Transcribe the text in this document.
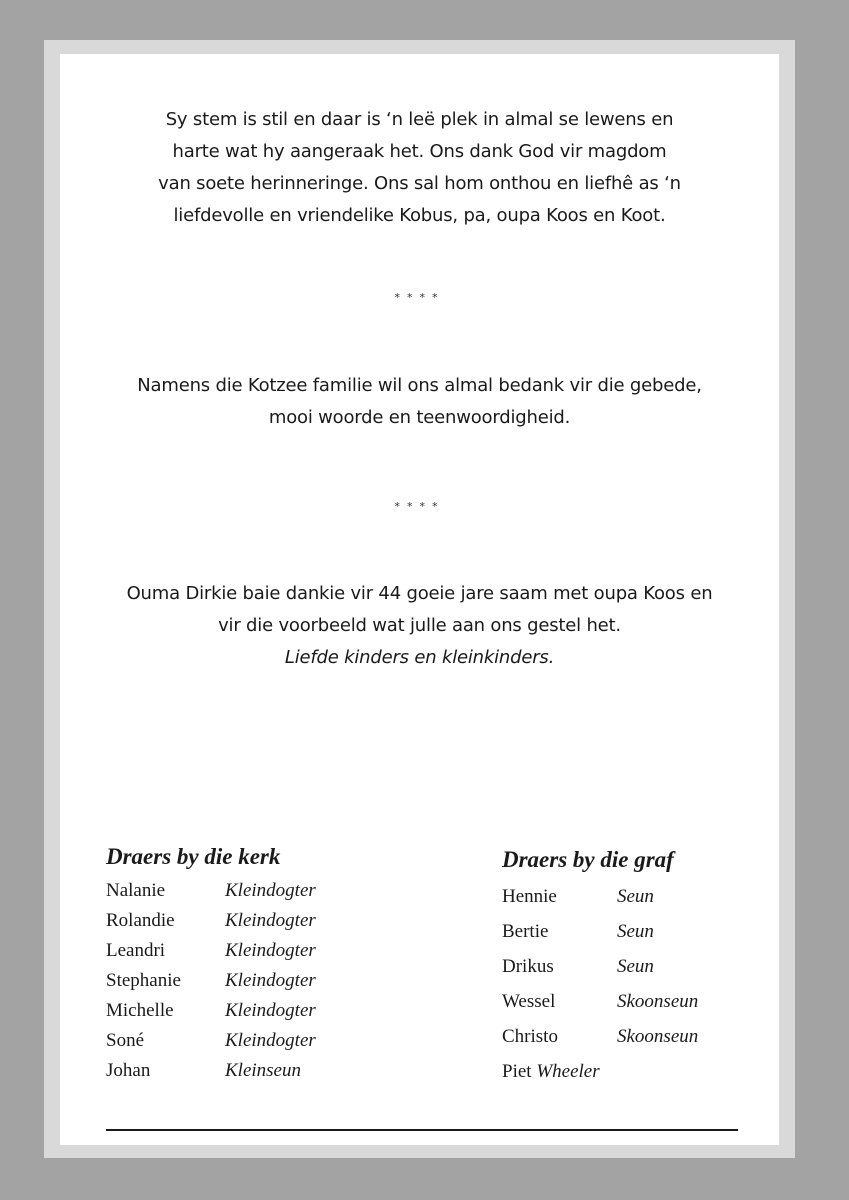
Sy stem is stil en daar is ‘n leë plek in almal se lewens en
harte wat hy aangeraak het. Ons dank God vir magdom
van soete herinneringe. Ons sal hom onthou en liefhê as ‘n
liefdevolle en vriendelike Kobus, pa, oupa Koos en Koot.
****
Namens die Kotzee familie wil ons almal bedank vir die gebede,
mooi woorde en teenwoordigheid.
****
Ouma Dirkie baie dankie vir 44 goeie jare saam met oupa Koos en
vir die voorbeeld wat julle aan ons gestel het.
Liefde kinders en kleinkinders.
Draers by die kerk
Nalanie	Kleindogter
Rolandie	Kleindogter
Leandri	Kleindogter
Stephanie Kleindogter
Michelle	Kleindogter
Soné	Kleindogter
Johan	Kleinseun
Draers by die graf
Hennie	Seun
Bertie	Seun
Drikus	Seun
Wessel	Skoonseun
Christo	Skoonseun
Piet Wheeler
